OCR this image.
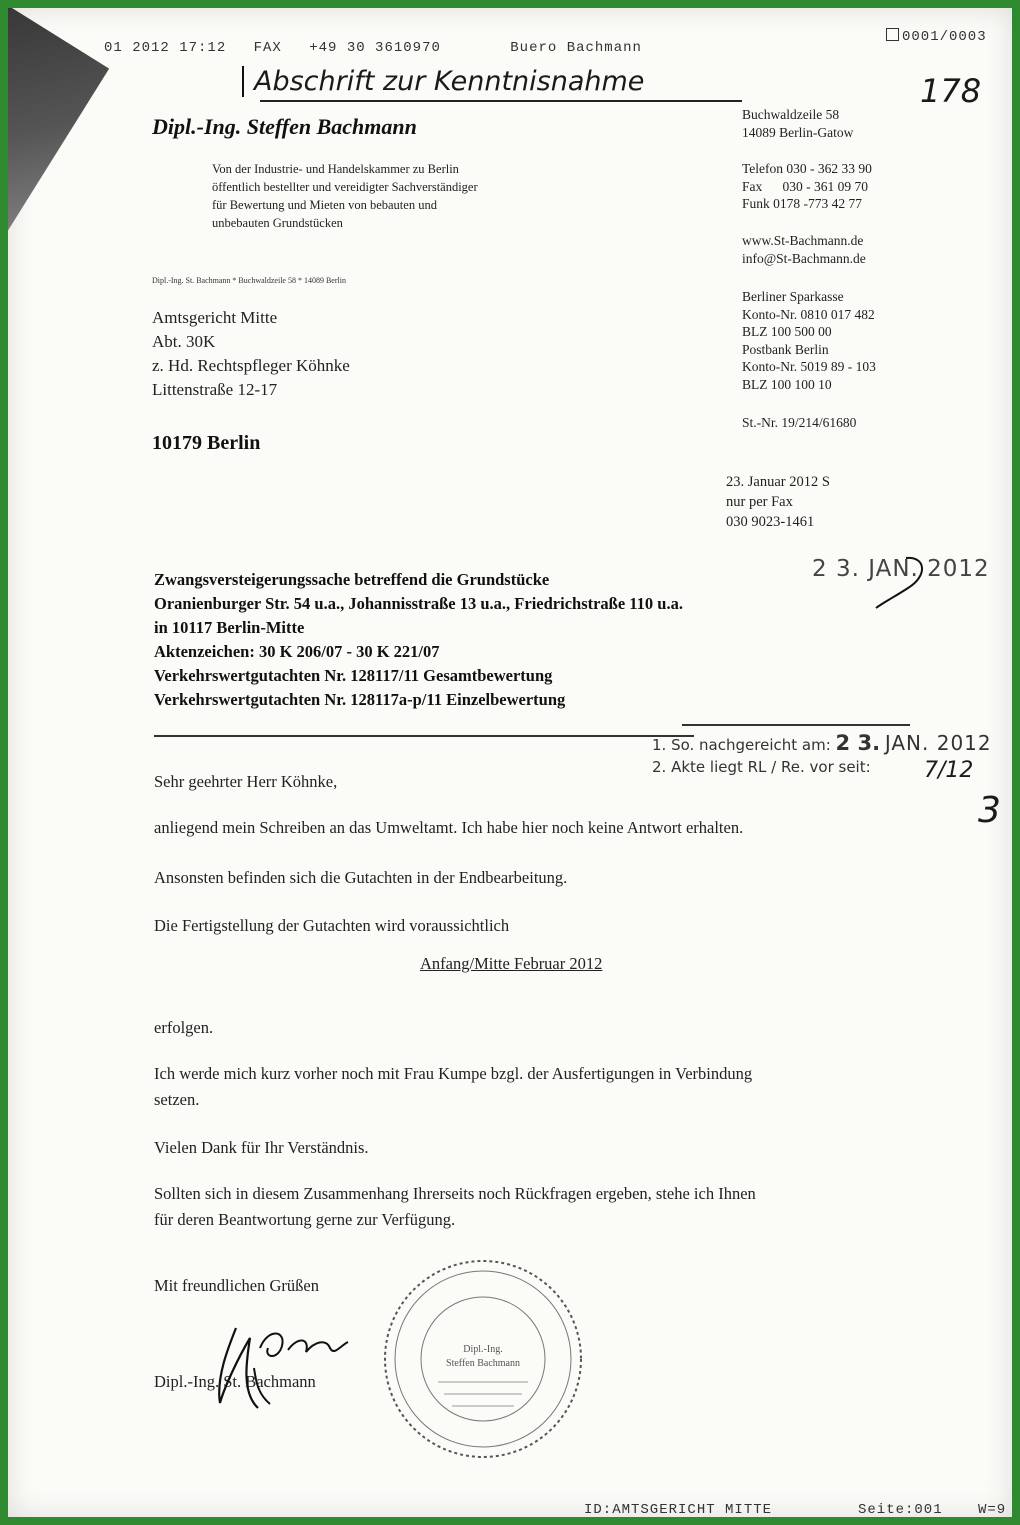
01 2012 17:12 FAX +49 30 3610970	Buero Bachmann
0001/0003
Abschrift zur Kenntnisnahme	178
Dipl.-Ing. Steffen Bachmann
Von der Industrie- und Handelskammer zu Berlin
öffentlich bestellter und vereidigter Sachverständiger
für Bewertung und Mieten von bebauten und
unbebauten Grundstücken
Dipl.-Ing. St. Bachmann * Buchwaldzeile 58 * 14089 Berlin
Buchwaldzeile 58
14089 Berlin-Gatow
Telefon 030 - 362 33 90
Fax      030 - 361 09 70
Funk 0178 -773 42 77
www.St-Bachmann.de
info@St-Bachmann.de
Berliner Sparkasse
Konto-Nr. 0810 017 482
BLZ 100 500 00
Postbank Berlin
Konto-Nr. 5019 89 - 103
BLZ 100 100 10
St.-Nr. 19/214/61680
Amtsgericht Mitte
Abt. 30K
z. Hd. Rechtspfleger Köhnke
Littenstraße 12-17
10179 Berlin
23. Januar 2012 S
nur per Fax
030 9023-1461
2 3. JAN. 2012
Zwangsversteigerungssache betreffend die Grundstücke
Oranienburger Str. 54 u.a., Johannisstraße 13 u.a., Friedrichstraße 110 u.a.
in 10117 Berlin-Mitte
Aktenzeichen: 30 K 206/07 - 30 K 221/07
Verkehrswertgutachten Nr. 128117/11 Gesamtbewertung
Verkehrswertgutachten Nr. 128117a-p/11 Einzelbewertung
1. So. nachgereicht am: 2 3. JAN. 2012
2. Akte liegt RL / Re. vor seit:	7/12
3
Sehr geehrter Herr Köhnke,
anliegend mein Schreiben an das Umweltamt. Ich habe hier noch keine Antwort erhalten.
Ansonsten befinden sich die Gutachten in der Endbearbeitung.
Die Fertigstellung der Gutachten wird voraussichtlich
Anfang/Mitte Februar 2012
erfolgen.
Ich werde mich kurz vorher noch mit Frau Kumpe bzgl. der Ausfertigungen in Verbindung
setzen.
Vielen Dank für Ihr Verständnis.
Sollten sich in diesem Zusammenhang Ihrerseits noch Rückfragen ergeben, stehe ich Ihnen
für deren Beantwortung gerne zur Verfügung.
Mit freundlichen Grüßen
Dipl.-Ing. St. Bachmann
Dipl.-Ing.
Steffen Bachmann
ID:AMTSGERICHT MITTE	Seite:001	W=9
